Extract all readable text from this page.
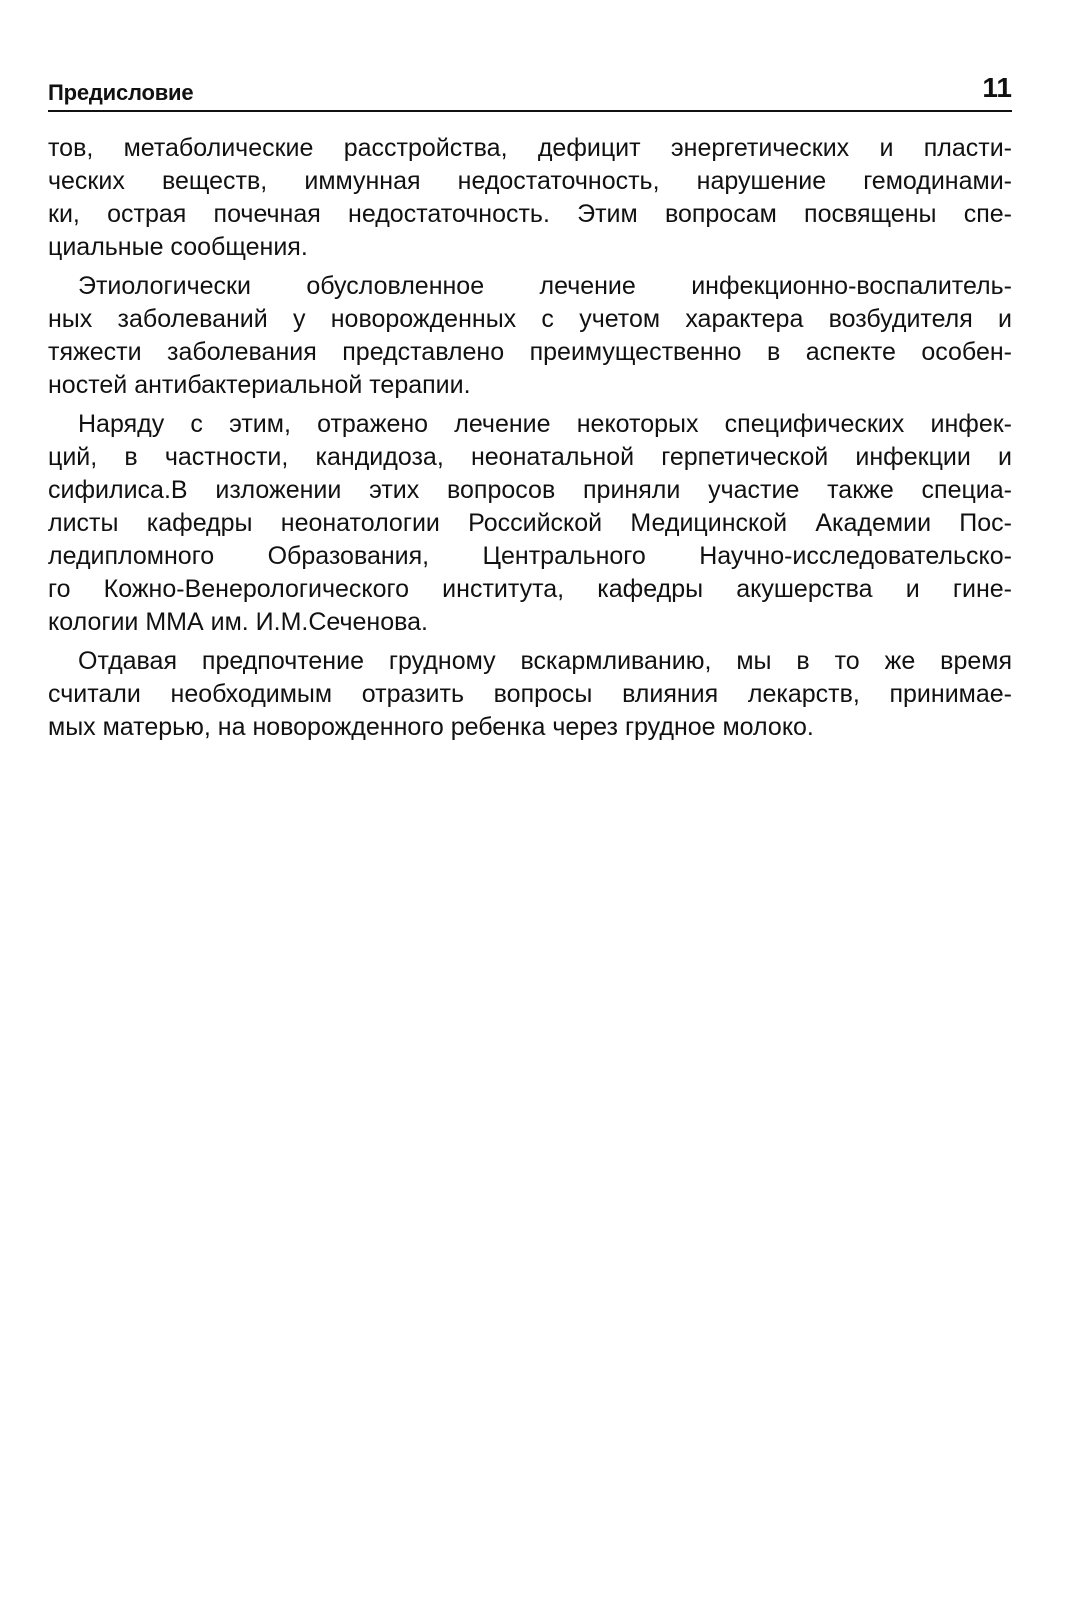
Предисловие	11
тов, метаболические расстройства, дефицит энергетических и пласти-
ческих веществ, иммунная недостаточность, нарушение гемодинами-
ки, острая почечная недостаточность. Этим вопросам посвящены спе-
циальные сообщения.
Этиологически обусловленное лечение инфекционно-воспалитель-
ных заболеваний у новорожденных с учетом характера возбудителя и
тяжести заболевания представлено преимущественно в аспекте особен-
ностей антибактериальной терапии.
Наряду с этим, отражено лечение некоторых специфических инфек-
ций, в частности, кандидоза, неонатальной герпетической инфекции и
сифилиса.В изложении этих вопросов приняли участие также специа-
листы кафедры неонатологии Российской Медицинской Академии Пос-
ледипломного Образования, Центрального Научно-исследовательско-
го Кожно-Венерологического института, кафедры акушерства и гине-
кологии ММА им. И.М.Сеченова.
Отдавая предпочтение грудному вскармливанию, мы в то же время
считали необходимым отразить вопросы влияния лекарств, принимае-
мых матерью, на новорожденного ребенка через грудное молоко.
